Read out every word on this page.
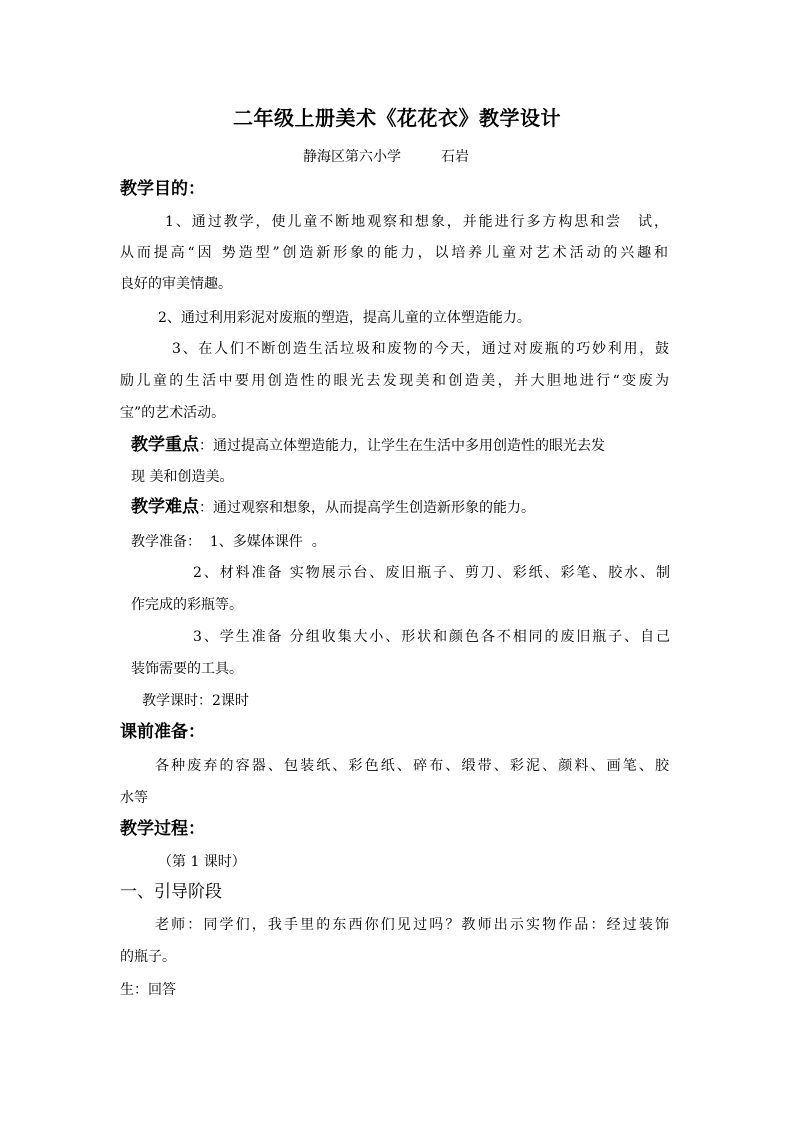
二年级上册美术《花花衣》教学设计
静海区第六小学	石岩
教学目的：
1、通过教学，使儿童不断地观察和想象，并能进行多方构思和尝　试，
从而提高“因 势造型”创造新形象的能力，以培养儿童对艺术活动的兴趣和
良好的审美情趣。
2、通过利用彩泥对废瓶的塑造，提高儿童的立体塑造能力。
3、在人们不断创造生活垃圾和废物的今天，通过对废瓶的巧妙利用，鼓
励儿童的生活中要用创造性的眼光去发现美和创造美，并大胆地进行“变废为
宝”的艺术活动。
教学重点：通过提高立体塑造能力，让学生在生活中多用创造性的眼光去发
现 美和创造美。
教学难点：通过观察和想象，从而提高学生创造新形象的能力。
教学准备：  1、多媒体课件  。
2、材料准备 实物展示台、废旧瓶子、剪刀、彩纸、彩笔、胶水、制
作完成的彩瓶等。
3、学生准备 分组收集大小、形状和颜色各不相同的废旧瓶子、自己
装饰需要的工具。
教学课时：2课时
课前准备：
各种废弃的容器、包装纸、彩色纸、碎布、缎带、彩泥、颜料、画笔、胶
水等
教学过程：
（第 1 课时）
一、引导阶段
老师：同学们，我手里的东西你们见过吗？教师出示实物作品：经过装饰
的瓶子。
生：回答
